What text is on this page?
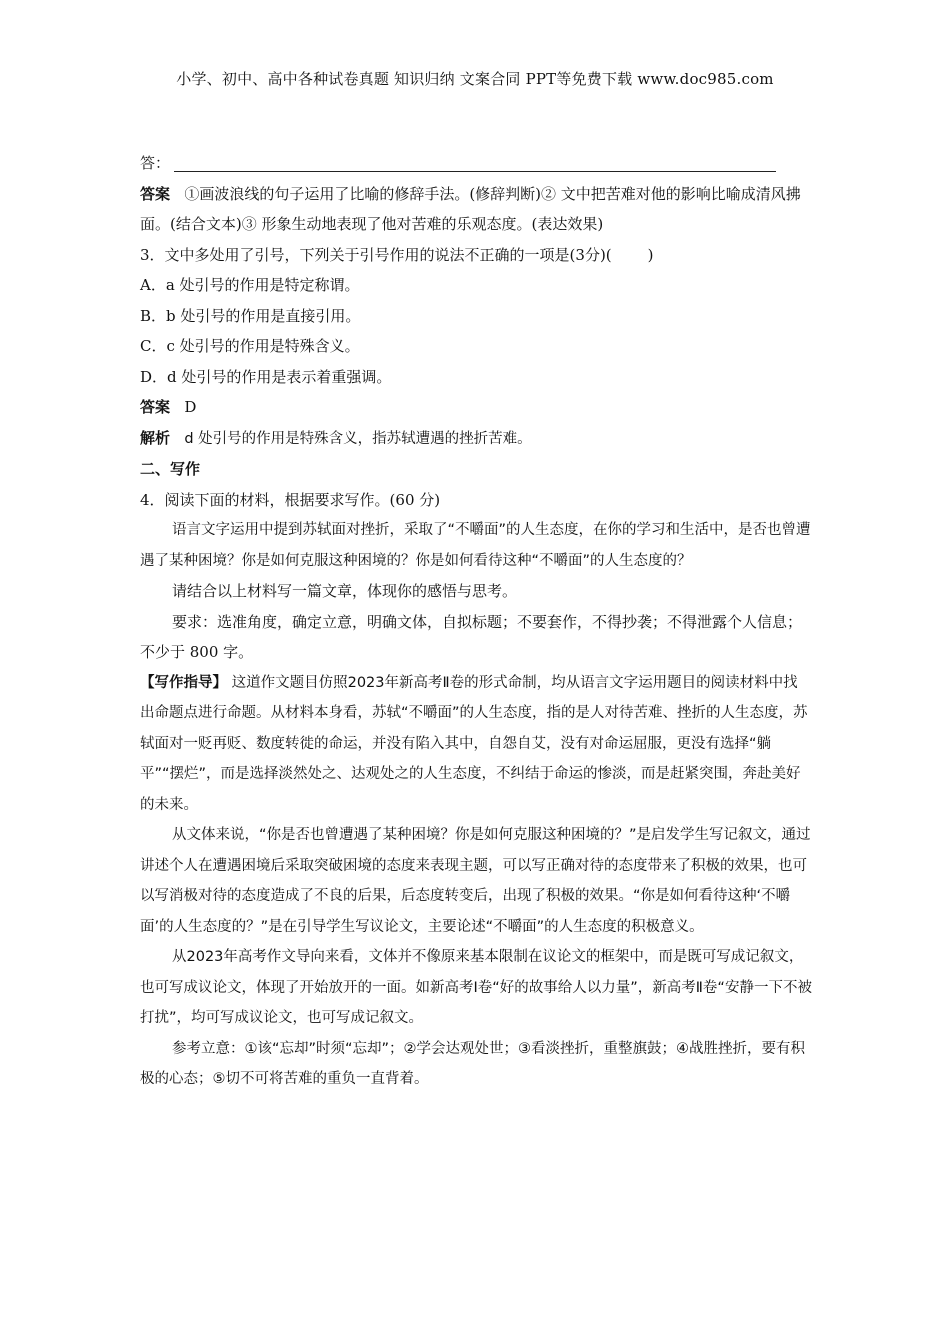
小学、初中、高中各种试卷真题 知识归纳 文案合同 PPT等免费下载 www.doc985.com

答：

答案 ①画波浪线的句子运用了比喻的修辞手法。(修辞判断)② 文中把苦难对他的影响比喻成清风拂面。(结合文本)③ 形象生动地表现了他对苦难的乐观态度。(表达效果)

3．文中多处用了引号，下列关于引号作用的说法不正确的一项是(3分)( )

A．a 处引号的作用是特定称谓。

B．b 处引号的作用是直接引用。

C．c 处引号的作用是特殊含义。

D．d 处引号的作用是表示着重强调。

答案 D

解析 d 处引号的作用是特殊含义，指苏轼遭遇的挫折苦难。

二、写作

4．阅读下面的材料，根据要求写作。(60 分)

语言文字运用中提到苏轼面对挫折，采取了“不嚼面”的人生态度，在你的学习和生活中，是否也曾遭遇了某种困境？你是如何克服这种困境的？你是如何看待这种“不嚼面”的人生态度的？

请结合以上材料写一篇文章，体现你的感悟与思考。

要求：选准角度，确定立意，明确文体，自拟标题；不要套作，不得抄袭；不得泄露个人信息；不少于 800 字。

【写作指导】 这道作文题目仿照2023年新高考Ⅱ卷的形式命制，均从语言文字运用题目的阅读材料中找出命题点进行命题。从材料本身看，苏轼“不嚼面”的人生态度，指的是人对待苦难、挫折的人生态度，苏轼面对一贬再贬、数度转徙的命运，并没有陷入其中，自怨自艾，没有对命运屈服，更没有选择“躺平”“摆烂”，而是选择淡然处之、达观处之的人生态度，不纠结于命运的惨淡，而是赶紧突围，奔赴美好的未来。

从文体来说，“你是否也曾遭遇了某种困境？你是如何克服这种困境的？”是启发学生写记叙文，通过讲述个人在遭遇困境后采取突破困境的态度来表现主题，可以写正确对待的态度带来了积极的效果，也可以写消极对待的态度造成了不良的后果，后态度转变后，出现了积极的效果。“你是如何看待这种‘不嚼面’的人生态度的？”是在引导学生写议论文，主要论述“不嚼面”的人生态度的积极意义。

从2023年高考作文导向来看，文体并不像原来基本限制在议论文的框架中，而是既可写成记叙文，也可写成议论文，体现了开始放开的一面。如新高考Ⅰ卷“好的故事给人以力量”，新高考Ⅱ卷“安静一下不被打扰”，均可写成议论文，也可写成记叙文。

参考立意：①该“忘却”时须“忘却”；②学会达观处世；③看淡挫折，重整旗鼓；④战胜挫折，要有积极的心态；⑤切不可将苦难的重负一直背着。
